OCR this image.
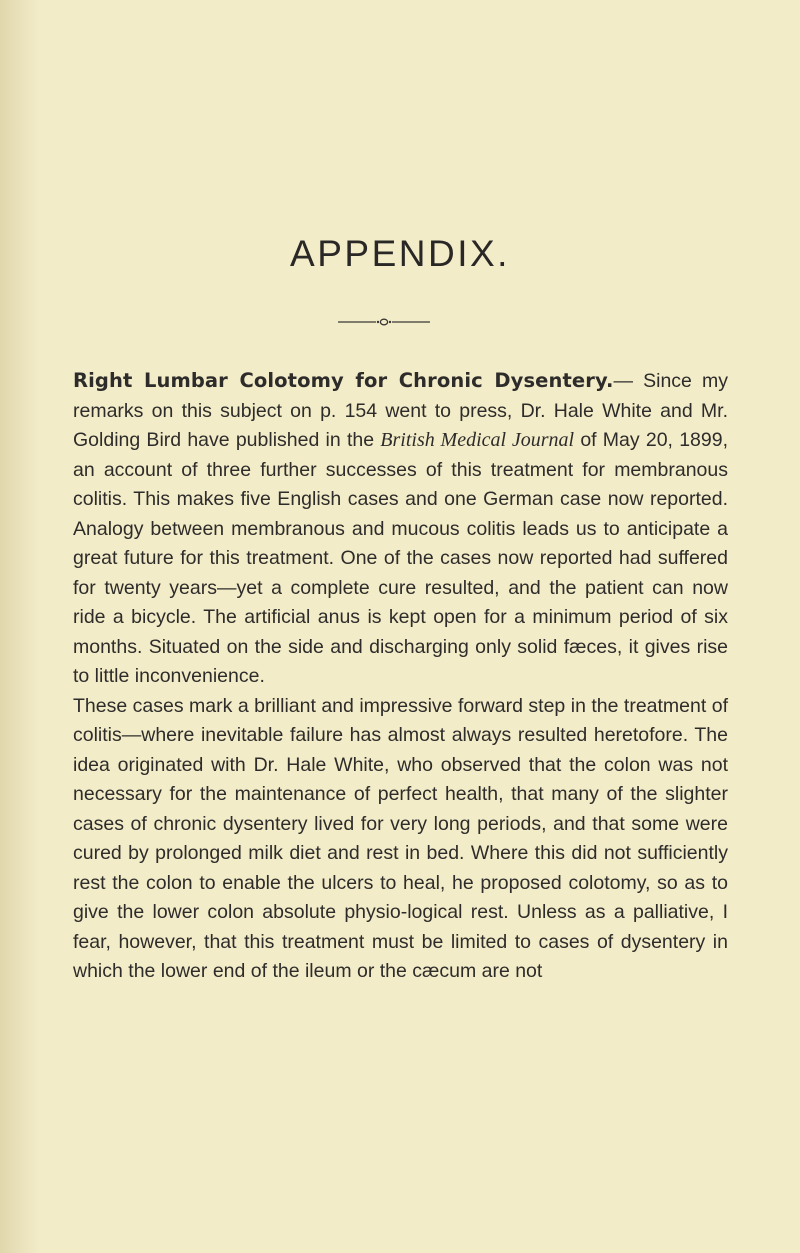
APPENDIX.

Right Lumbar Colotomy for Chronic Dysentery.— Since my remarks on this subject on p. 154 went to press, Dr. Hale White and Mr. Golding Bird have published in the British Medical Journal of May 20, 1899, an account of three further successes of this treatment for membranous colitis. This makes five English cases and one German case now reported. Analogy between membranous and mucous colitis leads us to anticipate a great future for this treatment. One of the cases now reported had suffered for twenty years—yet a complete cure resulted, and the patient can now ride a bicycle. The artificial anus is kept open for a minimum period of six months. Situated on the side and discharging only solid fæces, it gives rise to little inconvenience.

These cases mark a brilliant and impressive forward step in the treatment of colitis—where inevitable failure has almost always resulted heretofore. The idea originated with Dr. Hale White, who observed that the colon was not necessary for the maintenance of perfect health, that many of the slighter cases of chronic dysentery lived for very long periods, and that some were cured by prolonged milk diet and rest in bed. Where this did not sufficiently rest the colon to enable the ulcers to heal, he proposed colotomy, so as to give the lower colon absolute physio-logical rest. Unless as a palliative, I fear, however, that this treatment must be limited to cases of dysentery in which the lower end of the ileum or the cæcum are not
